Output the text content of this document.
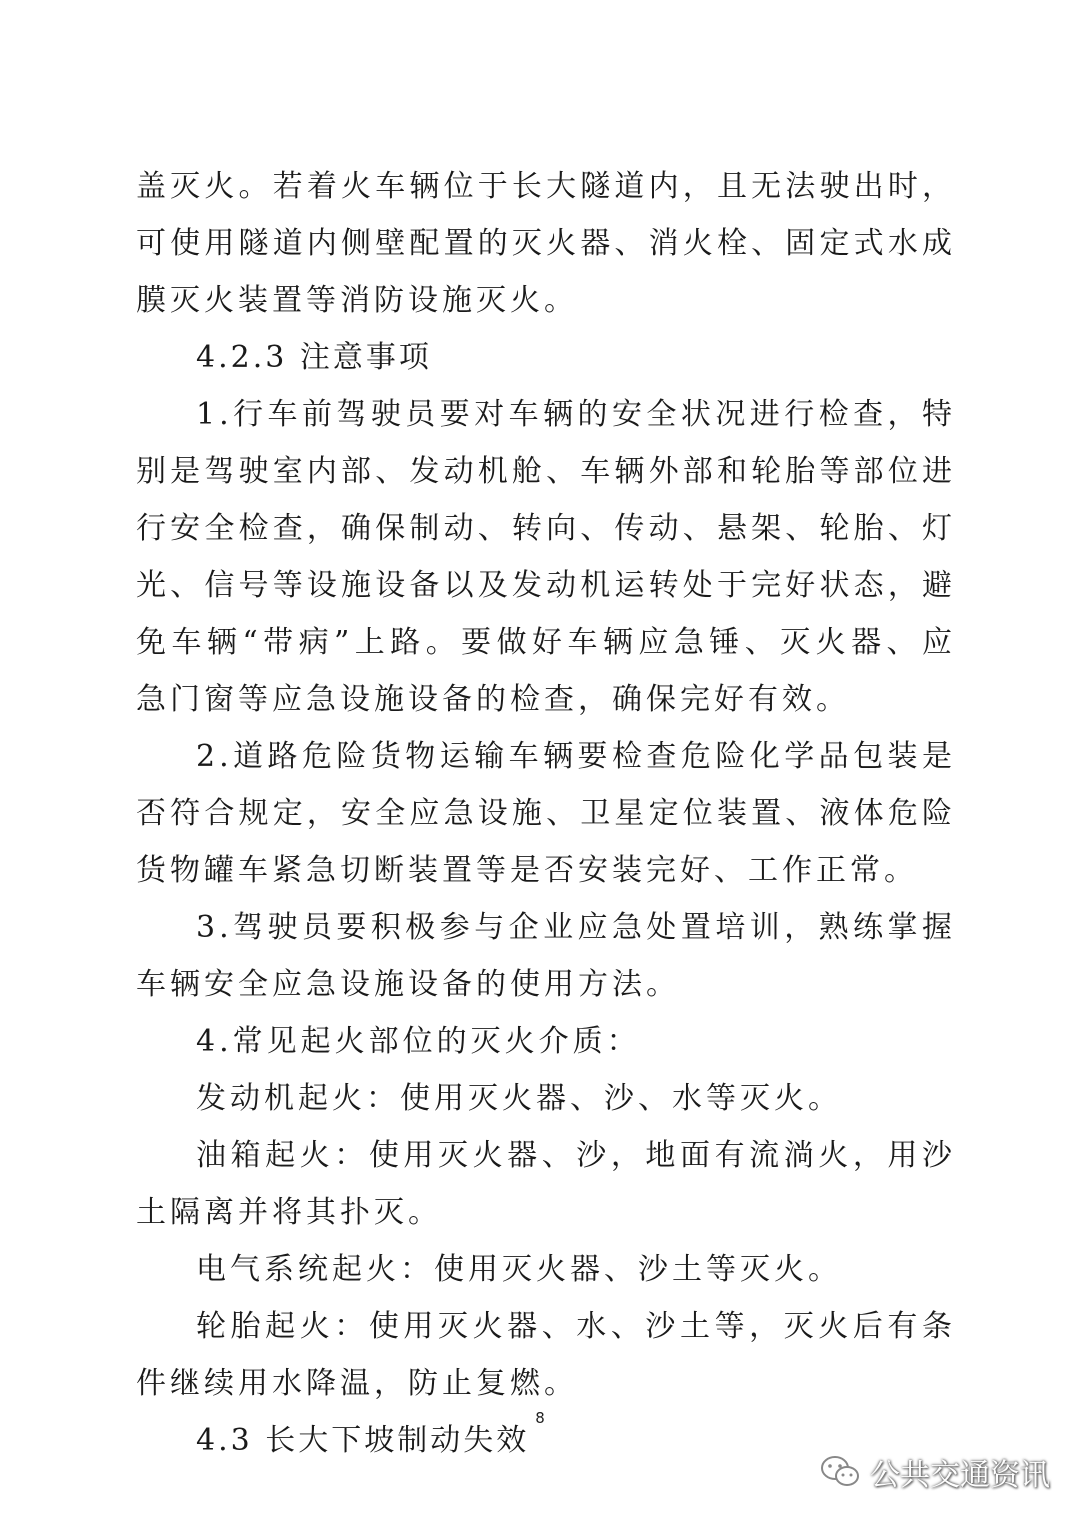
盖灭火。若着火车辆位于长大隧道内，且无法驶出时，可使用隧道内侧壁配置的灭火器、消火栓、固定式水成膜灭火装置等消防设施灭火。

4.2.3 注意事项

1.行车前驾驶员要对车辆的安全状况进行检查，特别是驾驶室内部、发动机舱、车辆外部和轮胎等部位进行安全检查，确保制动、转向、传动、悬架、轮胎、灯光、信号等设施设备以及发动机运转处于完好状态，避免车辆“带病”上路。要做好车辆应急锤、灭火器、应急门窗等应急设施设备的检查，确保完好有效。

2.道路危险货物运输车辆要检查危险化学品包装是否符合规定，安全应急设施、卫星定位装置、液体危险货物罐车紧急切断装置等是否安装完好、工作正常。

3.驾驶员要积极参与企业应急处置培训，熟练掌握车辆安全应急设施设备的使用方法。

4.常见起火部位的灭火介质：

发动机起火：使用灭火器、沙、水等灭火。

油箱起火：使用灭火器、沙，地面有流淌火，用沙土隔离并将其扑灭。

电气系统起火：使用灭火器、沙土等灭火。

轮胎起火：使用灭火器、水、沙土等，灭火后有条件继续用水降温，防止复燃。

4.3 长大下坡制动失效

8
公共交通资讯
